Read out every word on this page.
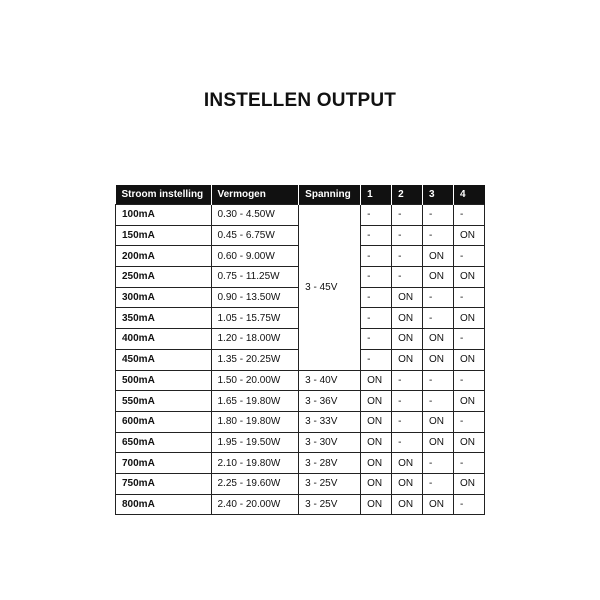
INSTELLEN OUTPUT
Stroom instelling	Vermogen	Spanning	1	2	3	4
100mA	0.30 - 4.50W	3 - 45V	-	-	-	-
150mA	0.45 - 6.75W		-	-	-	ON
200mA	0.60 - 9.00W		-	-	ON	-
250mA	0.75 - 11.25W		-	-	ON	ON
300mA	0.90 - 13.50W		-	ON	-	-
350mA	1.05 - 15.75W		-	ON	-	ON
400mA	1.20 - 18.00W		-	ON	ON	-
450mA	1.35 - 20.25W		-	ON	ON	ON
500mA	1.50 - 20.00W	3 - 40V	ON	-	-	-
550mA	1.65 - 19.80W	3 - 36V	ON	-	-	ON
600mA	1.80 - 19.80W	3 - 33V	ON	-	ON	-
650mA	1.95 - 19.50W	3 - 30V	ON	-	ON	ON
700mA	2.10 - 19.80W	3 - 28V	ON	ON	-	-
750mA	2.25 - 19.60W	3 - 25V	ON	ON	-	ON
800mA	2.40 - 20.00W	3 - 25V	ON	ON	ON	-
